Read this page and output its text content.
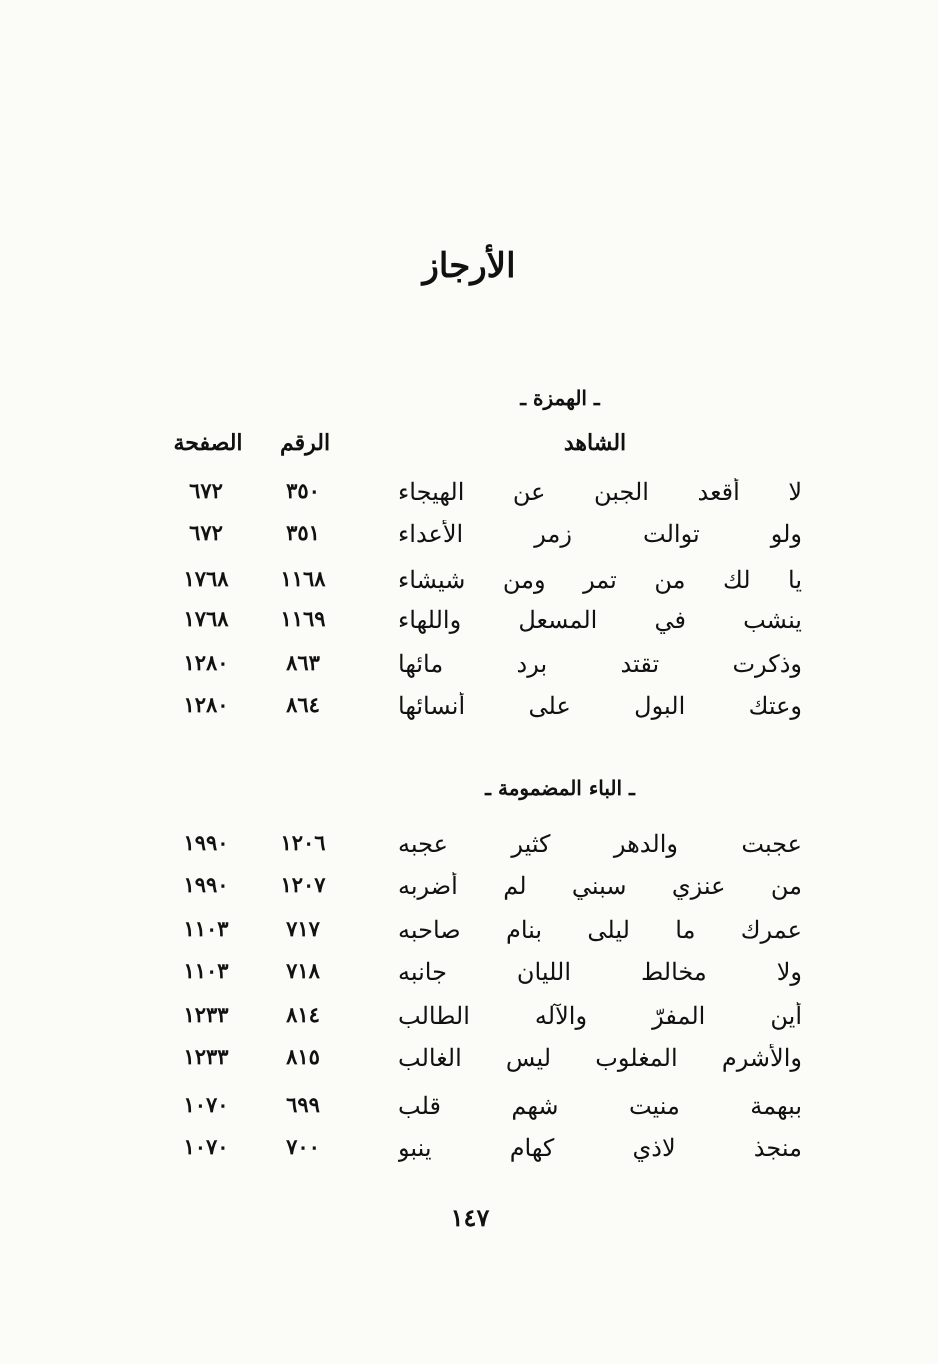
الأرجاز
ـ الهمزة ـ
الشاهد
الرقم
الصفحة
لا أقعد الجبن عن الهيجاء
٣٥٠
٦٧٢
ولو توالت زمر الأعداء
٣٥١
٦٧٢
يا لك من تمر ومن شيشاء
١١٦٨
١٧٦٨
ينشب في المسعل واللهاء
١١٦٩
١٧٦٨
وذكرت تقتد برد مائها
٨٦٣
١٢٨٠
وعتك البول على أنسائها
٨٦٤
١٢٨٠
ـ الباء المضمومة ـ
عجبت والدهر كثير عجبه
١٢٠٦
١٩٩٠
من عنزي سبني لم أضربه
١٢٠٧
١٩٩٠
عمرك ما ليلى بنام صاحبه
٧١٧
١١٠٣
ولا مخالط الليان جانبه
٧١٨
١١٠٣
أين المفرّ والآله الطالب
٨١٤
١٢٣٣
والأشرم المغلوب ليس الغالب
٨١٥
١٢٣٣
ببهمة منيت شهم قلب
٦٩٩
١٠٧٠
منجذ لاذي كهام ينبو
٧٠٠
١٠٧٠
١٤٧
